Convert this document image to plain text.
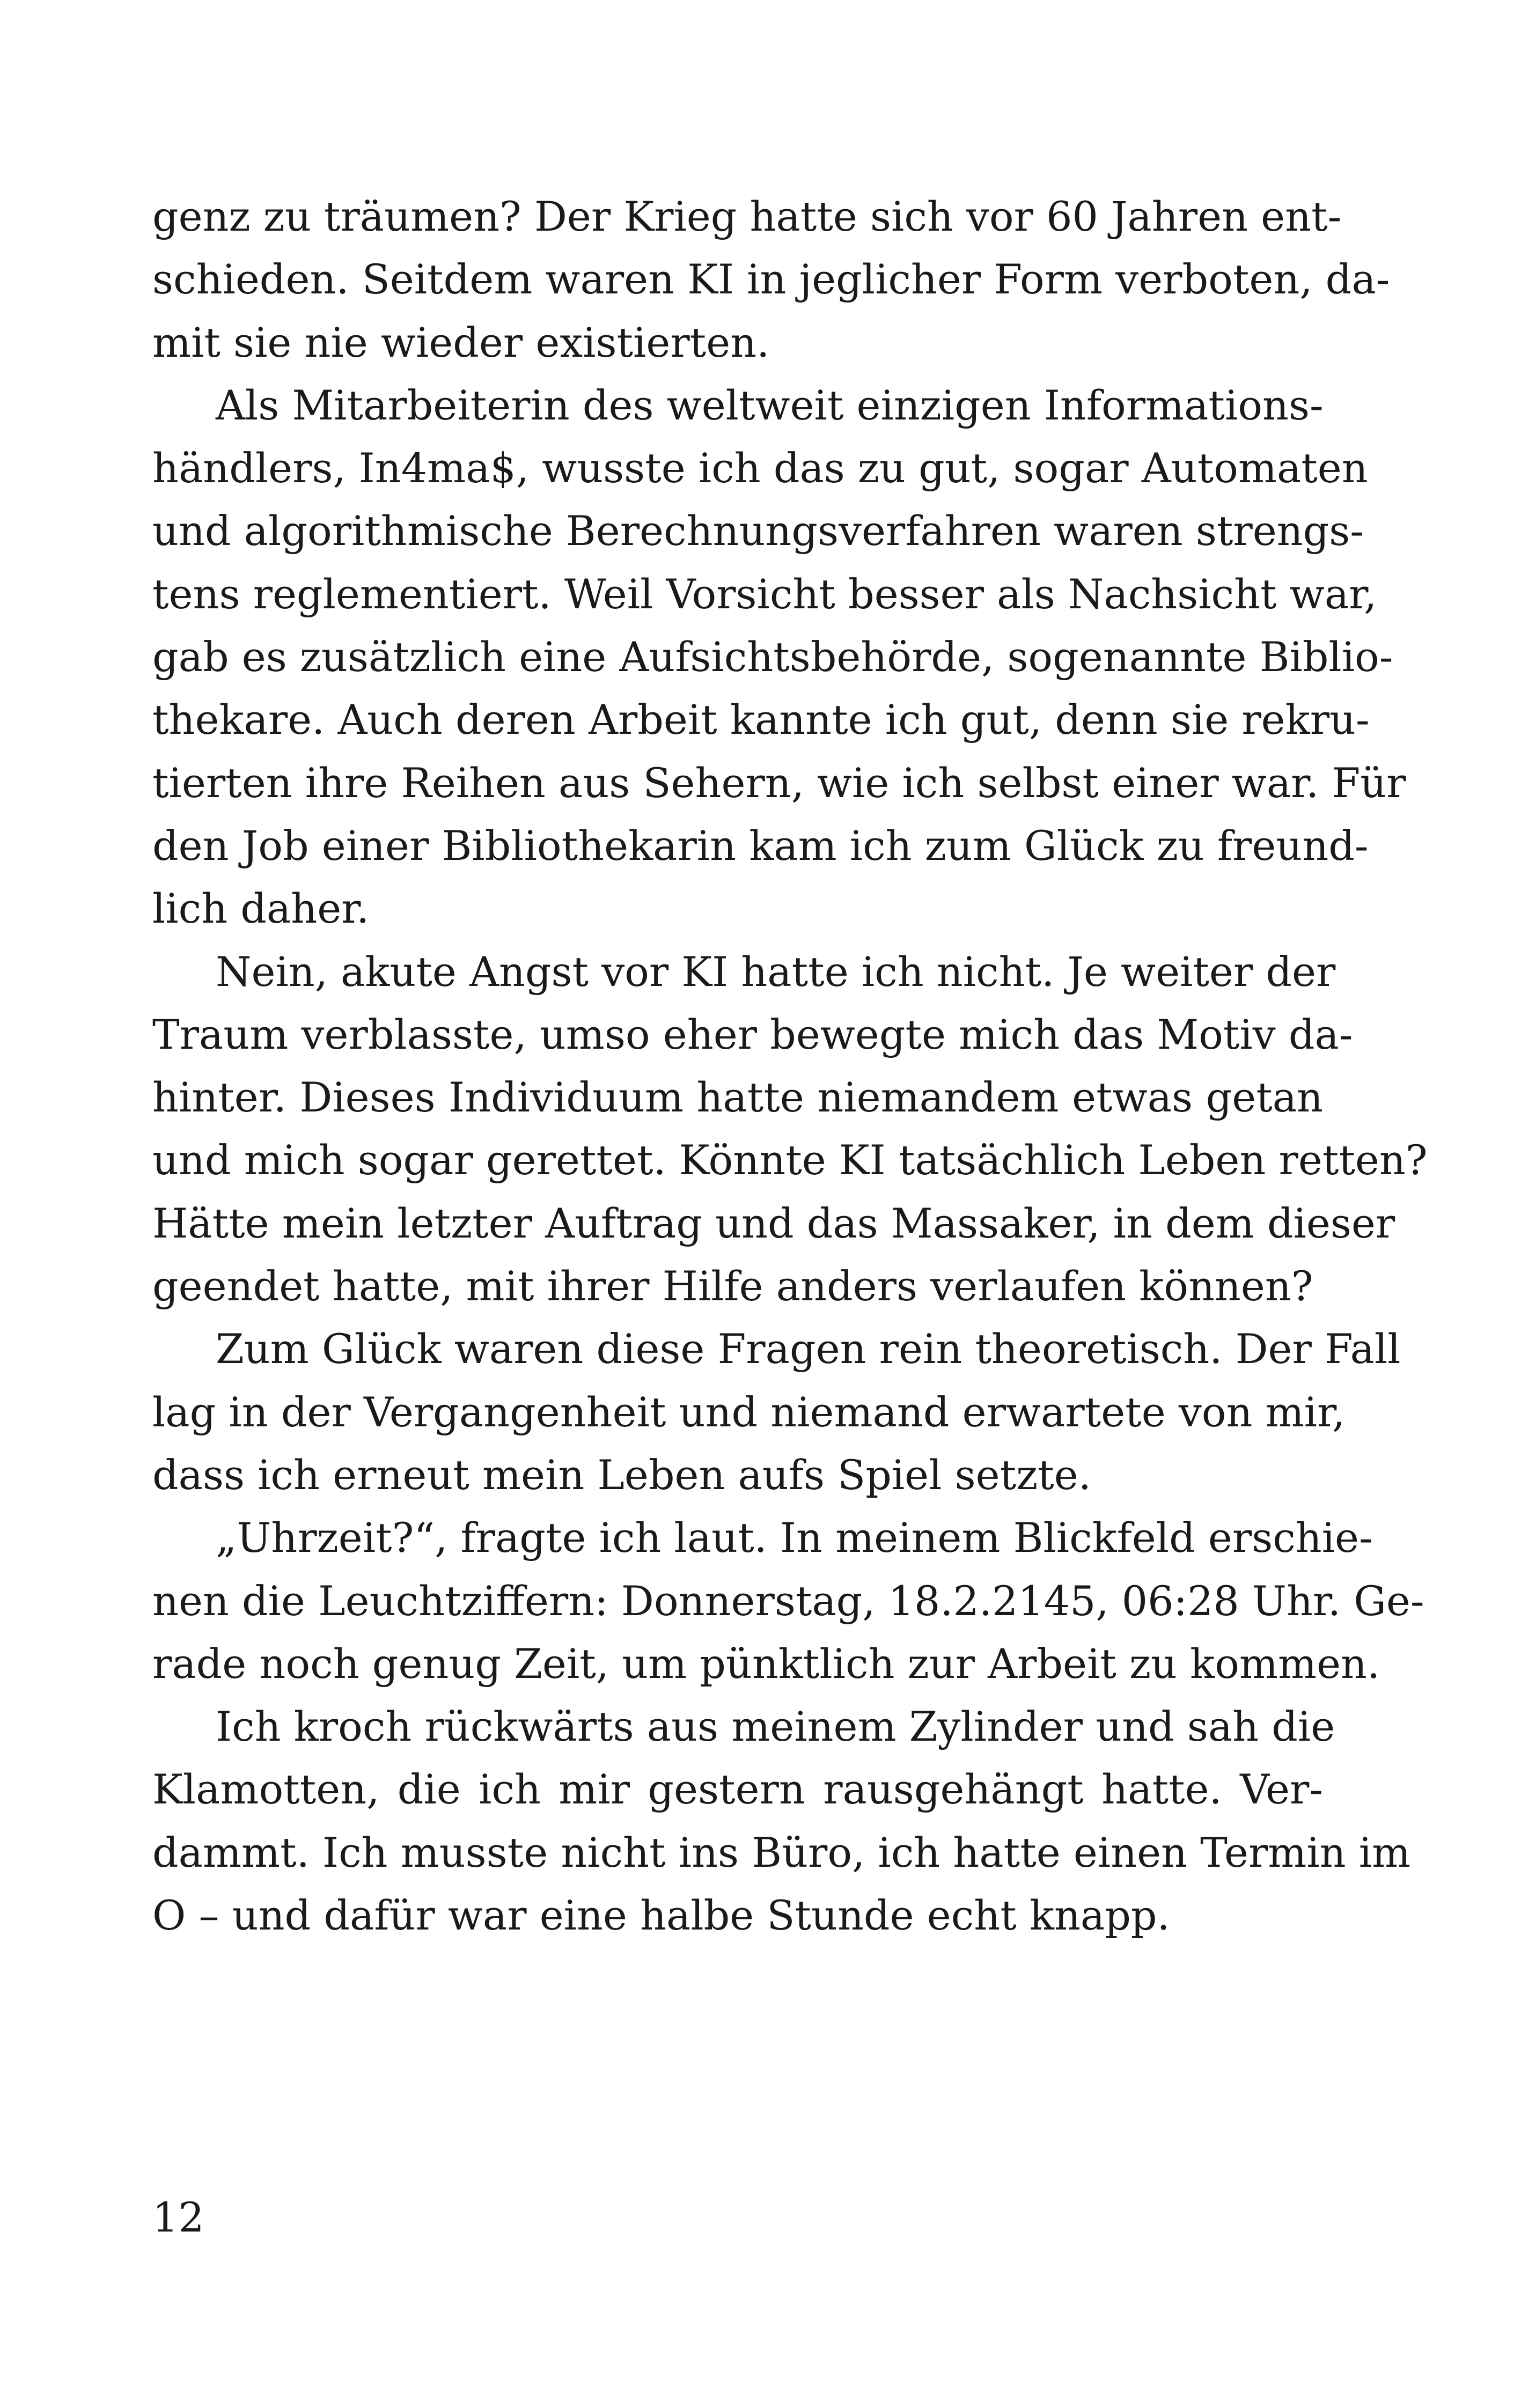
genz zu träumen? Der Krieg hatte sich vor 60 Jahren ent-
schieden. Seitdem waren KI in jeglicher Form verboten, da-
mit sie nie wieder existierten.
Als Mitarbeiterin des weltweit einzigen Informations-
händlers, In4ma$, wusste ich das zu gut, sogar Automaten
und algorithmische Berechnungsverfahren waren strengs-
tens reglementiert. Weil Vorsicht besser als Nachsicht war,
gab es zusätzlich eine Aufsichtsbehörde, sogenannte Biblio-
thekare. Auch deren Arbeit kannte ich gut, denn sie rekru-
tierten ihre Reihen aus Sehern, wie ich selbst einer war. Für
den Job einer Bibliothekarin kam ich zum Glück zu freund-
lich daher.
Nein, akute Angst vor KI hatte ich nicht. Je weiter der
Traum verblasste, umso eher bewegte mich das Motiv da-
hinter. Dieses Individuum hatte niemandem etwas getan
und mich sogar gerettet. Könnte KI tatsächlich Leben retten?
Hätte mein letzter Auftrag und das Massaker, in dem dieser
geendet hatte, mit ihrer Hilfe anders verlaufen können?
Zum Glück waren diese Fragen rein theoretisch. Der Fall
lag in der Vergangenheit und niemand erwartete von mir,
dass ich erneut mein Leben aufs Spiel setzte.
„Uhrzeit?“, fragte ich laut. In meinem Blickfeld erschie-
nen die Leuchtziffern: Donnerstag, 18.2.2145, 06:28 Uhr. Ge-
rade noch genug Zeit, um pünktlich zur Arbeit zu kommen.
Ich kroch rückwärts aus meinem Zylinder und sah die
Klamotten, die ich mir gestern rausgehängt hatte. Ver-
dammt. Ich musste nicht ins Büro, ich hatte einen Termin im
O – und dafür war eine halbe Stunde echt knapp.
12
